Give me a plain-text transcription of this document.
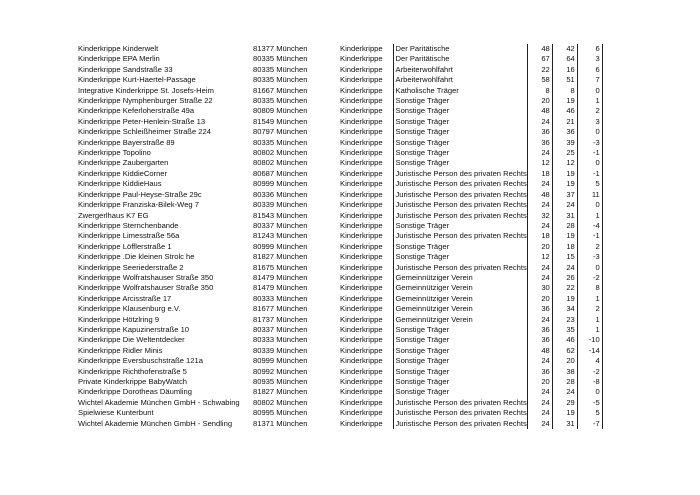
Kinderkrippe Kinderwelt	81377 München	Kinderkrippe	Der Paritätische	48	42	6
Kinderkrippe EPA Merlin	80335 München	Kinderkrippe	Der Paritätische	67	64	3
Kinderkrippe Sandstraße 33	80335 München	Kinderkrippe	Arbeiterwohlfahrt	22	16	6
Kinderkrippe Kurt-Haertel-Passage	80335 München	Kinderkrippe	Arbeiterwohlfahrt	58	51	7
Integrative Kinderkrippe St. Josefs-Heim	81667 München	Kinderkrippe	Katholische Träger	8	8	0
Kinderkrippe Nymphenburger Straße 22	80335 München	Kinderkrippe	Sonstige Träger	20	19	1
Kinderkrippe Keferloherstraße 49a	80809 München	Kinderkrippe	Sonstige Träger	48	46	2
Kinderkrippe Peter-Henlein-Straße 13	81549 München	Kinderkrippe	Sonstige Träger	24	21	3
Kinderkrippe Schleißheimer Straße 224	80797 München	Kinderkrippe	Sonstige Träger	36	36	0
Kinderkrippe Bayerstraße 89	80335 München	Kinderkrippe	Sonstige Träger	36	39	-3
Kinderkrippe Topolino	80802 München	Kinderkrippe	Sonstige Träger	24	25	-1
Kinderkrippe Zaubergarten	80802 München	Kinderkrippe	Sonstige Träger	12	12	0
Kinderkrippe KiddieCorner	80687 München	Kinderkrippe	Juristische Person des privaten Rechts	18	19	-1
Kinderkrippe KiddieHaus	80999 München	Kinderkrippe	Juristische Person des privaten Rechts	24	19	5
Kinderkrippe Paul-Heyse-Straße 29c	80336 München	Kinderkrippe	Juristische Person des privaten Rechts	48	37	11
Kinderkrippe Franziska-Bilek-Weg 7	80339 München	Kinderkrippe	Juristische Person des privaten Rechts	24	24	0
Zwergerlhaus K7 EG	81543 München	Kinderkrippe	Juristische Person des privaten Rechts	32	31	1
Kinderkrippe Sternchenbande	80337 München	Kinderkrippe	Sonstige Träger	24	28	-4
Kinderkrippe Limesstraße 56a	81243 München	Kinderkrippe	Juristische Person des privaten Rechts	18	19	-1
Kinderkrippe Löfflerstraße 1	80999 München	Kinderkrippe	Sonstige Träger	20	18	2
Kinderkrippe .Die kleinen Strolc he	81827 München	Kinderkrippe	Sonstige Träger	12	15	-3
Kinderkrippe Seeriederstraße 2	81675 München	Kinderkrippe	Juristische Person des privaten Rechts	24	24	0
Kinderkrippe Wolfratshauser Straße 350	81479 München	Kinderkrippe	Gemeinnütziger Verein	24	26	-2
Kinderkrippe Wolfratshauser Straße 350	81479 München	Kinderkrippe	Gemeinnütziger Verein	30	22	8
Kinderkrippe Arcisstraße 17	80333 München	Kinderkrippe	Gemeinnütziger Verein	20	19	1
Kinderkrippe Klausenburg e.V.	81677 München	Kinderkrippe	Gemeinnütziger Verein	36	34	2
Kinderkrippe Hötzlring 9	81737 München	Kinderkrippe	Gemeinnütziger Verein	24	23	1
Kinderkrippe Kapuzinerstraße 10	80337 München	Kinderkrippe	Sonstige Träger	36	35	1
Kinderkrippe Die Weltentdecker	80333 München	Kinderkrippe	Sonstige Träger	36	46	-10
Kinderkrippe Ridler Minis	80339 München	Kinderkrippe	Sonstige Träger	48	62	-14
Kinderkrippe Eversbuschstraße 121a	80999 München	Kinderkrippe	Sonstige Träger	24	20	4
Kinderkrippe Richthofenstraße 5	80992 München	Kinderkrippe	Sonstige Träger	36	38	-2
Private Kinderkrippe BabyWatch	80935 München	Kinderkrippe	Sonstige Träger	20	28	-8
Kinderkrippe Dorotheas Däumling	81827 München	Kinderkrippe	Sonstige Träger	24	24	0
Wichtel Akademie München GmbH - Schwabing	80802 München	Kinderkrippe	Juristische Person des privaten Rechts	24	29	-5
Spielwiese Kunterbunt	80995 München	Kinderkrippe	Juristische Person des privaten Rechts	24	19	5
Wichtel Akademie München GmbH - Sendling	81371 München	Kinderkrippe	Juristische Person des privaten Rechts	24	31	-7
